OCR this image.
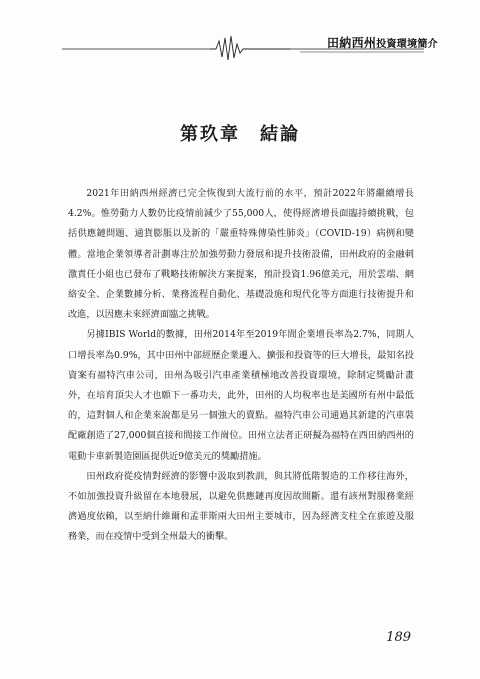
田納西州投資環境簡介
第玖章　結論

2021年田納西州經濟已完全恢復到大流行前的水平，預計2022年將繼續增長4.2%。惟勞動力人數仍比疫情前減少了55,000人，使得經濟增長面臨持續挑戰，包括供應鏈問題、通貨膨脹以及新的「嚴重特殊傳染性肺炎」（COVID-19）病例和變體。當地企業領導者計劃專注於加強勞動力發展和提升技術設備，田州政府的金融刺激責任小組也已發布了戰略技術解決方案提案，預計投資1.96億美元，用於雲端、網絡安全、企業數據分析、業務流程自動化、基礎設施和現代化等方面進行技術提升和改進，以因應未來經濟面臨之挑戰。

另據IBIS World的數據，田州2014年至2019年間企業增長率為2.7%，同期人口增長率為0.9%，其中田州中部經歷企業遷入、擴張和投資等的巨大增長，最知名投資案有福特汽車公司，田州為吸引汽車產業積極地改善投資環境，除制定獎勵計畫外，在培育頂尖人才也願下一番功夫，此外，田州的人均稅率也是美國所有州中最低的，這對個人和企業來說都是另一個強大的賣點。福特汽車公司通過其新建的汽車裝配廠創造了27,000個直接和間接工作崗位。田州立法者正研擬為福特在西田納西州的電動卡車新製造園區提供近9億美元的獎勵措施。

田州政府從疫情對經濟的影響中汲取到教訓，與其將低階製造的工作移往海外，不如加強投資升級留在本地發展，以避免供應鏈再度因故間斷。還有該州對服務業經濟過度依賴，以至納什維爾和孟菲斯兩大田州主要城市，因為經濟支柱全在旅遊及服務業，而在疫情中受到全州最大的衝擊。

189
